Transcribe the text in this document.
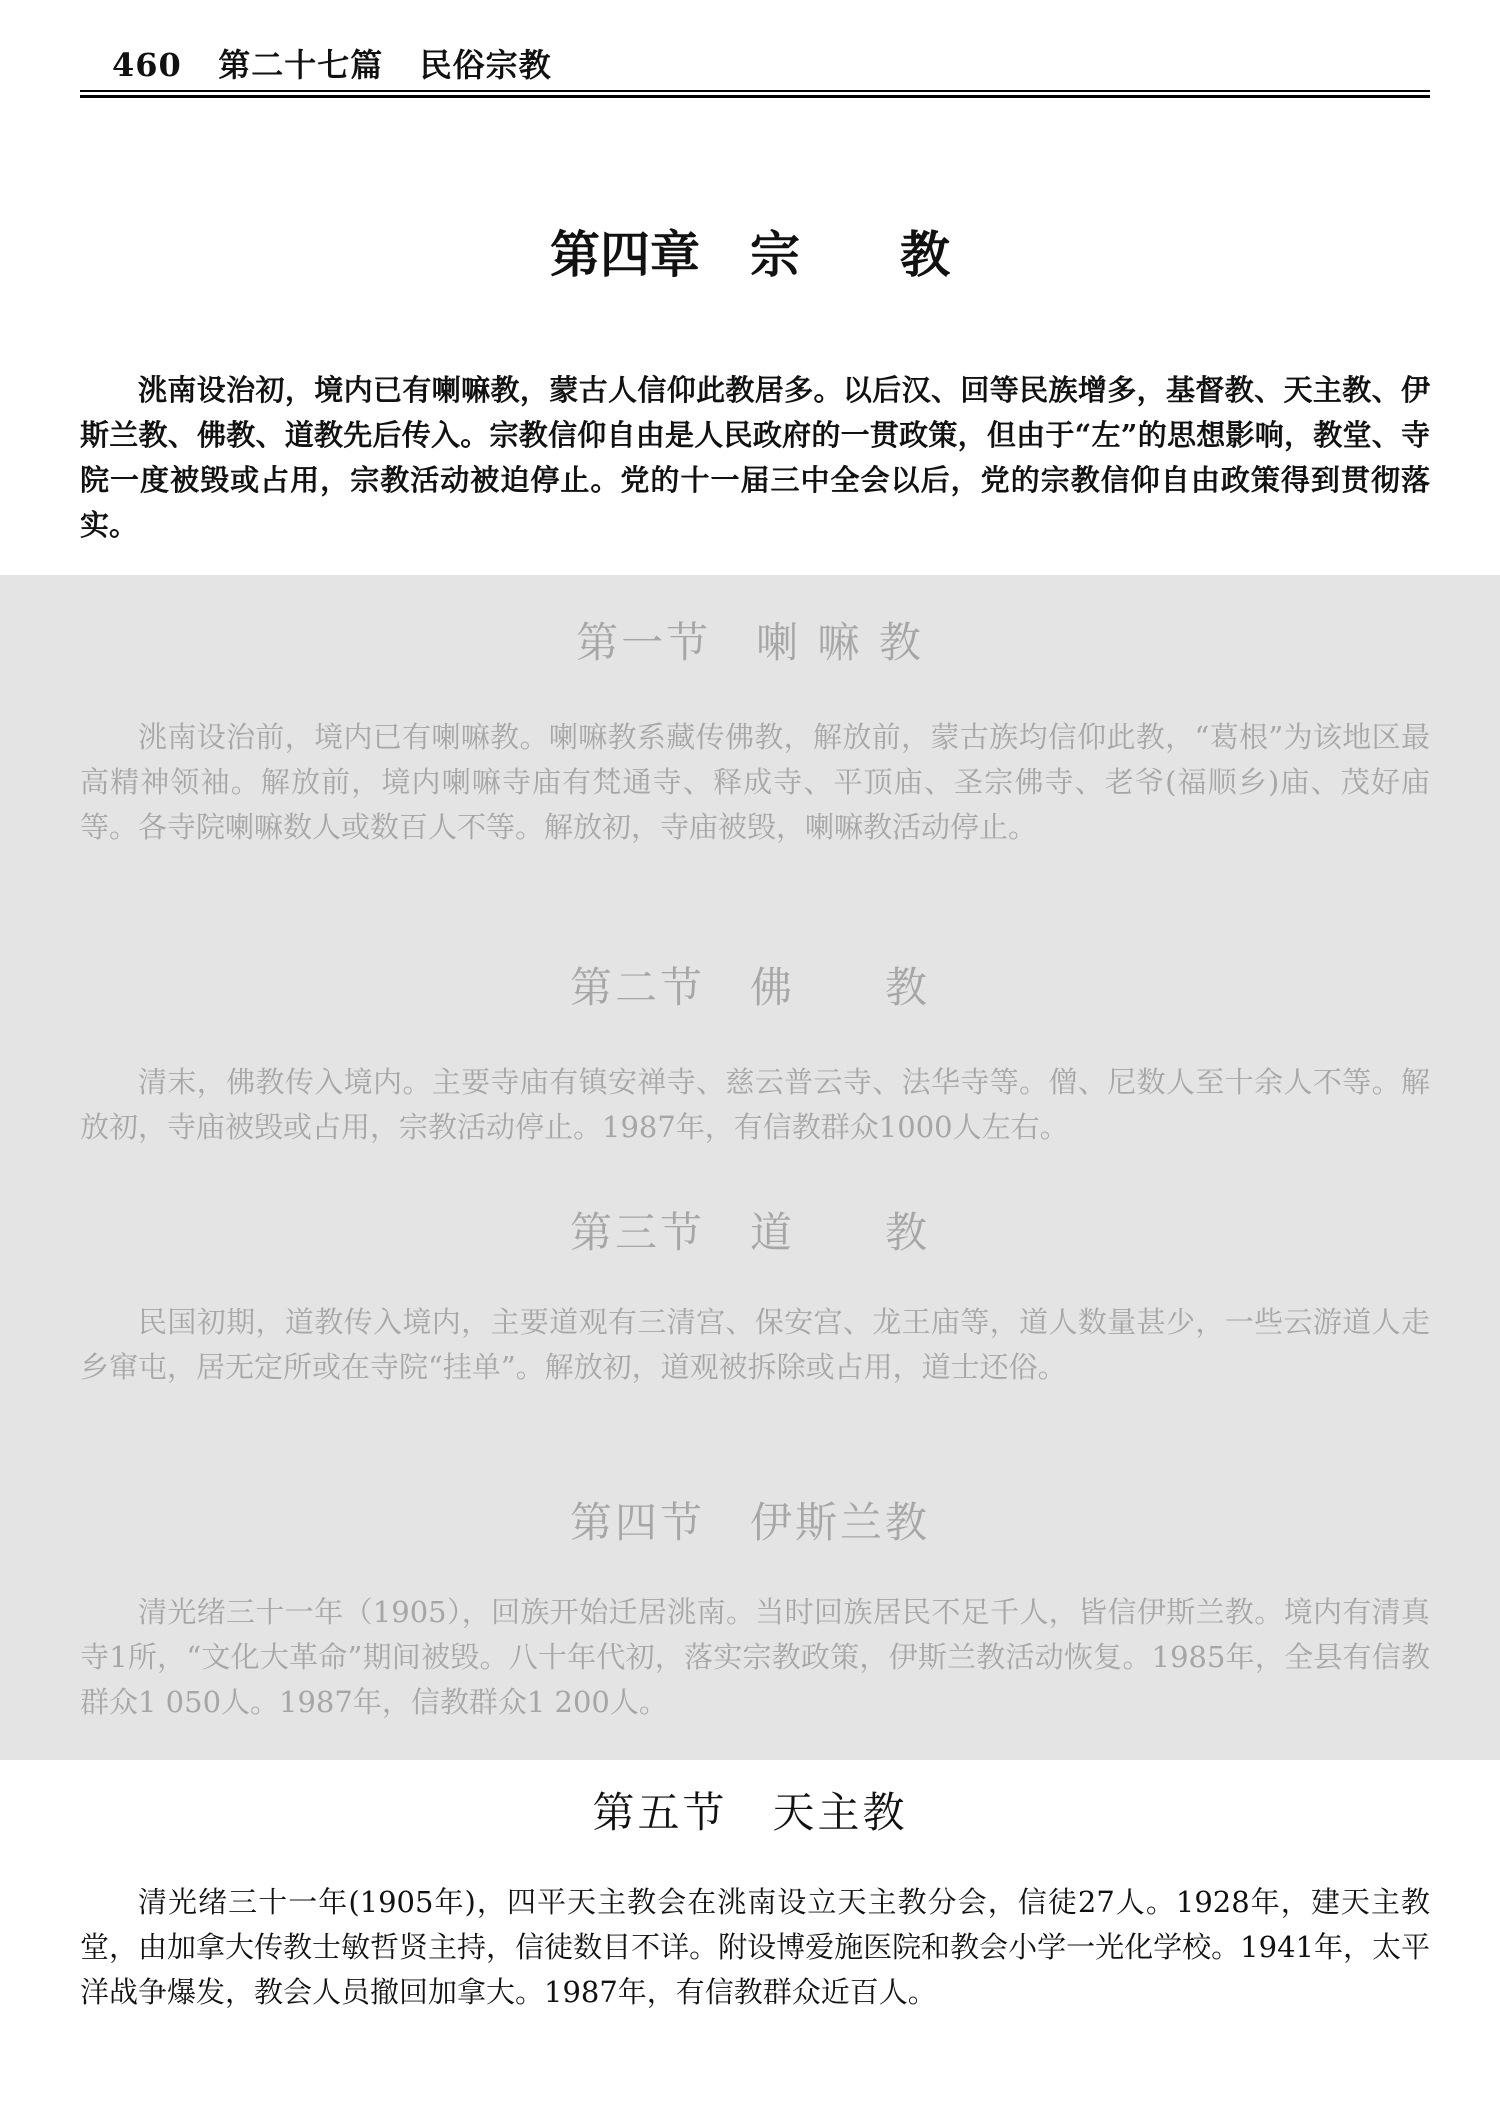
460 第二十七篇 民俗宗教
第四章　宗　　教
洮南设治初，境内已有喇嘛教，蒙古人信仰此教居多。以后汉、回等民族增多，基督教、天主教、伊斯兰教、佛教、道教先后传入。宗教信仰自由是人民政府的一贯政策，但由于“左”的思想影响，教堂、寺院一度被毁或占用，宗教活动被迫停止。党的十一届三中全会以后，党的宗教信仰自由政策得到贯彻落实。
第一节　喇 嘛 教
洮南设治前，境内已有喇嘛教。喇嘛教系藏传佛教，解放前，蒙古族均信仰此教，“葛根”为该地区最高精神领袖。解放前，境内喇嘛寺庙有梵通寺、释成寺、平顶庙、圣宗佛寺、老爷(福顺乡)庙、茂好庙等。各寺院喇嘛数人或数百人不等。解放初，寺庙被毁，喇嘛教活动停止。
第二节　佛　　教
清末，佛教传入境内。主要寺庙有镇安禅寺、慈云普云寺、法华寺等。僧、尼数人至十余人不等。解放初，寺庙被毁或占用，宗教活动停止。1987年，有信教群众1000人左右。
第三节　道　　教
民国初期，道教传入境内，主要道观有三清宫、保安宫、龙王庙等，道人数量甚少，一些云游道人走乡窜屯，居无定所或在寺院“挂单”。解放初，道观被拆除或占用，道士还俗。
第四节　伊斯兰教
清光绪三十一年（1905），回族开始迁居洮南。当时回族居民不足千人，皆信伊斯兰教。境内有清真寺1所，“文化大革命”期间被毁。八十年代初，落实宗教政策，伊斯兰教活动恢复。1985年，全县有信教群众1 050人。1987年，信教群众1 200人。
第五节　天主教
清光绪三十一年(1905年)，四平天主教会在洮南设立天主教分会，信徒27人。1928年，建天主教堂，由加拿大传教士敏哲贤主持，信徒数目不详。附设博爱施医院和教会小学一光化学校。1941年，太平洋战争爆发，教会人员撤回加拿大。1987年，有信教群众近百人。
